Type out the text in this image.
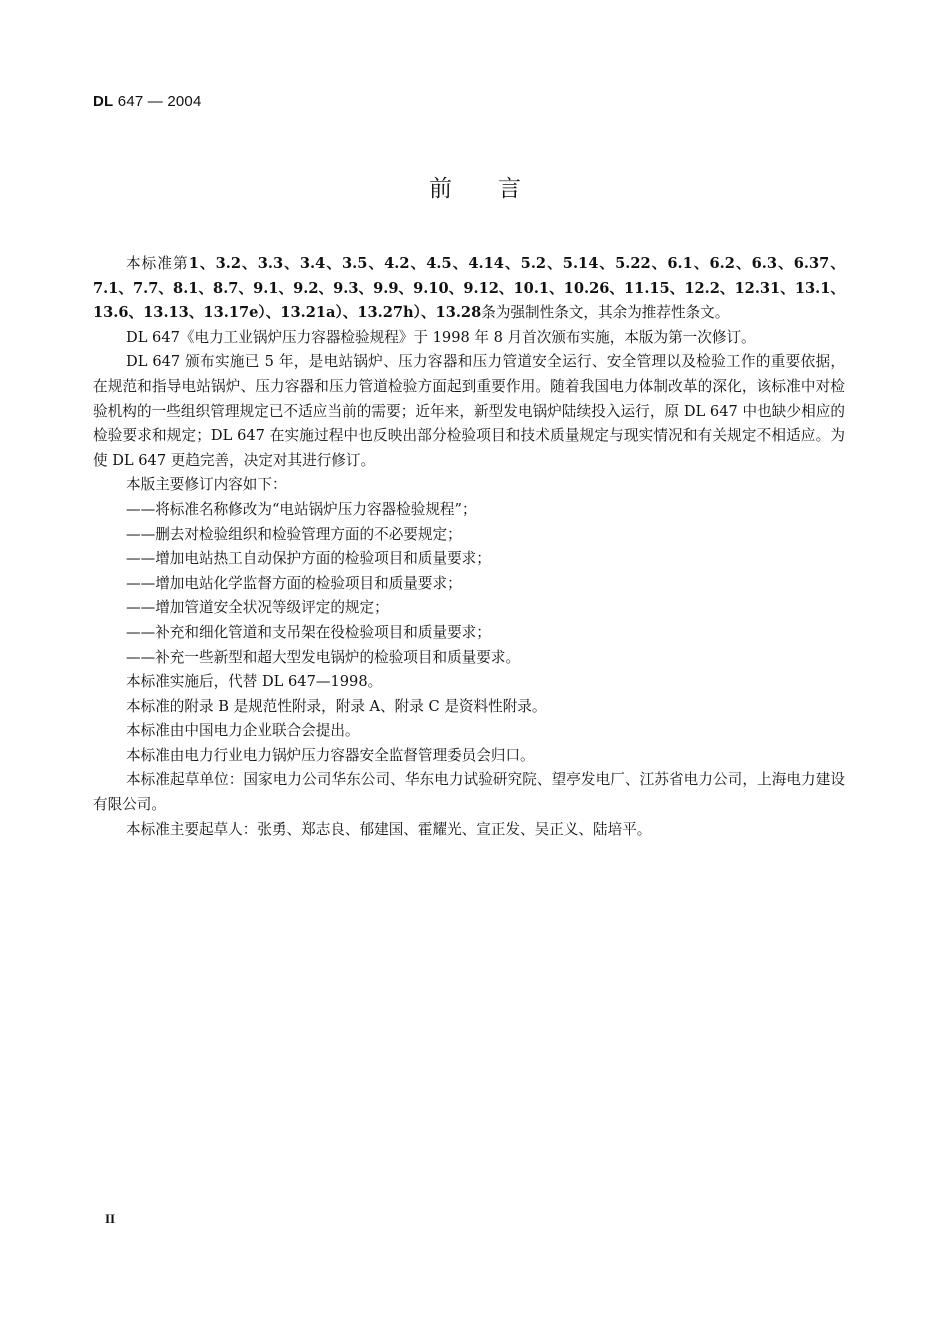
DL 647 — 2004
前言

本标准第1、3.2、3.3、3.4、3.5、4.2、4.5、4.14、5.2、5.14、5.22、6.1、6.2、6.3、6.37、7.1、7.7、8.1、8.7、9.1、9.2、9.3、9.9、9.10、9.12、10.1、10.26、11.15、12.2、12.31、13.1、13.6、13.13、13.17e）、13.21a）、13.27h）、13.28条为强制性条文，其余为推荐性条文。

DL 647《电力工业锅炉压力容器检验规程》于 1998 年 8 月首次颁布实施，本版为第一次修订。

DL 647 颁布实施已 5 年，是电站锅炉、压力容器和压力管道安全运行、安全管理以及检验工作的重要依据，在规范和指导电站锅炉、压力容器和压力管道检验方面起到重要作用。随着我国电力体制改革的深化，该标准中对检验机构的一些组织管理规定已不适应当前的需要；近年来，新型发电锅炉陆续投入运行，原 DL 647 中也缺少相应的检验要求和规定；DL 647 在实施过程中也反映出部分检验项目和技术质量规定与现实情况和有关规定不相适应。为使 DL 647 更趋完善，决定对其进行修订。

本版主要修订内容如下：

——将标准名称修改为“电站锅炉压力容器检验规程”；

——删去对检验组织和检验管理方面的不必要规定；

——增加电站热工自动保护方面的检验项目和质量要求；

——增加电站化学监督方面的检验项目和质量要求；

——增加管道安全状况等级评定的规定；

——补充和细化管道和支吊架在役检验项目和质量要求；

——补充一些新型和超大型发电锅炉的检验项目和质量要求。

本标准实施后，代替 DL 647—1998。

本标准的附录 B 是规范性附录，附录 A、附录 C 是资料性附录。

本标准由中国电力企业联合会提出。

本标准由电力行业电力锅炉压力容器安全监督管理委员会归口。

本标准起草单位：国家电力公司华东公司、华东电力试验研究院、望亭发电厂、江苏省电力公司，上海电力建设有限公司。

本标准主要起草人：张勇、郑志良、郁建国、霍耀光、宣正发、吴正义、陆培平。

II
